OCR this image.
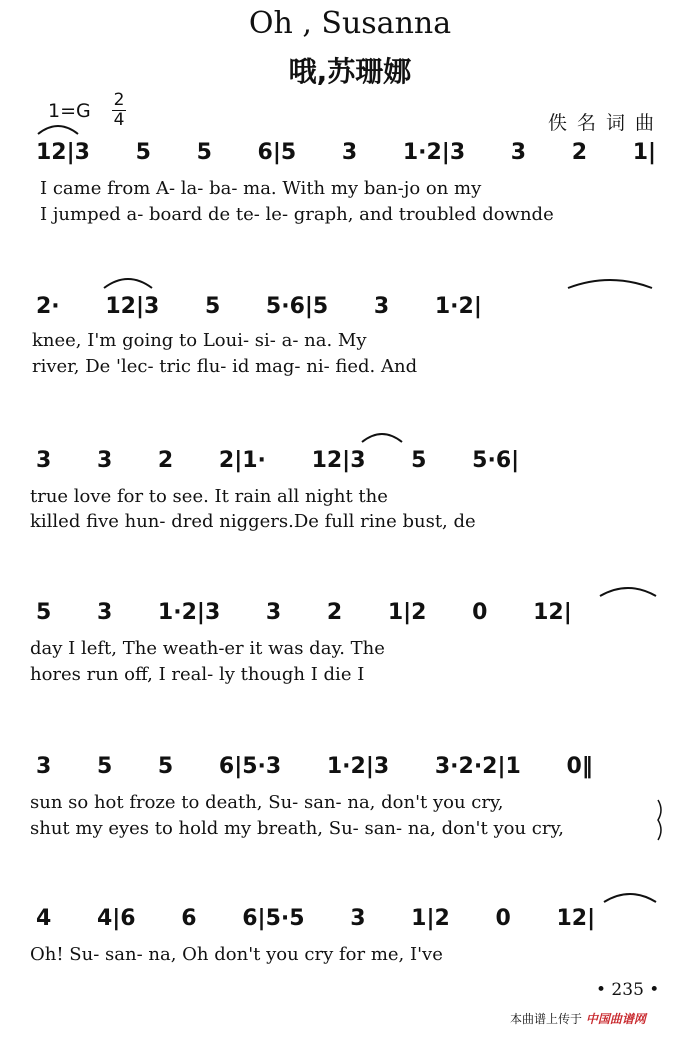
Oh , Susanna
哦,苏珊娜
1=G 2
4	佚名词曲
12|3 5 5 6|5 3 1·2|3 3 2 1|
I came from A- la- ba- ma. With my ban-jo on my
I jumped a- board de te- le- graph, and troubled downde
2· 12|3 5 5·6|5 3 1·2|
knee, I'm going to Loui- si- a- na. My
river, De 'lec- tric flu- id mag- ni- fied. And
3 3 2 2|1· 12|3 5 5·6|
true love for to see. It rain all night the
killed five hun- dred niggers.De full rine bust, de
5 3 1·2|3 3 2 1|2 0 12|
day I left, The weath-er it was day. The
hores run off, I real- ly though I die I
3 5 5 6|5·3 1·2|3 3·2·2|1 0‖
sun so hot froze to death, Su- san- na, don't you cry,
shut my eyes to hold my breath, Su- san- na, don't you cry,
4 4|6 6 6|5·5 3 1|2 0 12|
Oh! Su- san- na, Oh don't you cry for me, I've
• 235 •
本曲谱上传于 中国曲谱网
